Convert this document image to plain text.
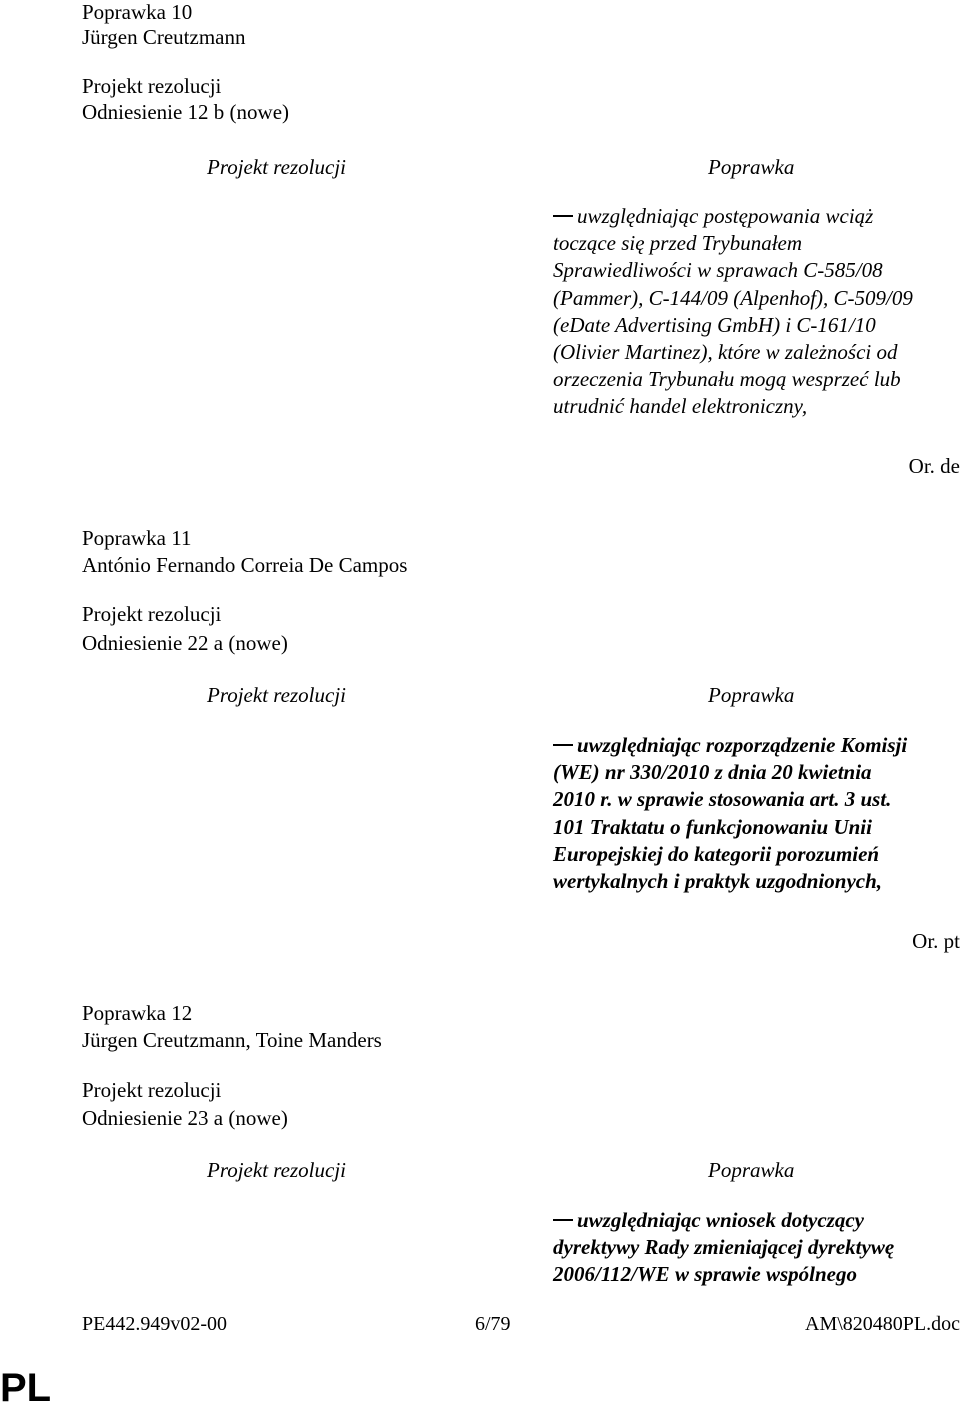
Poprawka 10
Jürgen Creutzmann
Projekt rezolucji
Odniesienie 12 b (nowe)
Projekt rezolucji	Poprawka
uwzględniając postępowania wciąż
toczące się przed Trybunałem
Sprawiedliwości w sprawach C-585/08
(Pammer), C-144/09 (Alpenhof), C-509/09
(eDate Advertising GmbH) i C-161/10
(Olivier Martinez), które w zależności od
orzeczenia Trybunału mogą wesprzeć lub
utrudnić handel elektroniczny,
Or. de
Poprawka 11
António Fernando Correia De Campos
Projekt rezolucji
Odniesienie 22 a (nowe)
Projekt rezolucji	Poprawka
uwzględniając rozporządzenie Komisji
(WE) nr 330/2010 z dnia 20 kwietnia
2010 r. w sprawie stosowania art. 3 ust.
101 Traktatu o funkcjonowaniu Unii
Europejskiej do kategorii porozumień
wertykalnych i praktyk uzgodnionych,
Or. pt
Poprawka 12
Jürgen Creutzmann, Toine Manders
Projekt rezolucji
Odniesienie 23 a (nowe)
Projekt rezolucji	Poprawka
uwzględniając wniosek dotyczący
dyrektywy Rady zmieniającej dyrektywę
2006/112/WE w sprawie wspólnego
PE442.949v02-00	6/79	AM\820480PL.doc
PL
